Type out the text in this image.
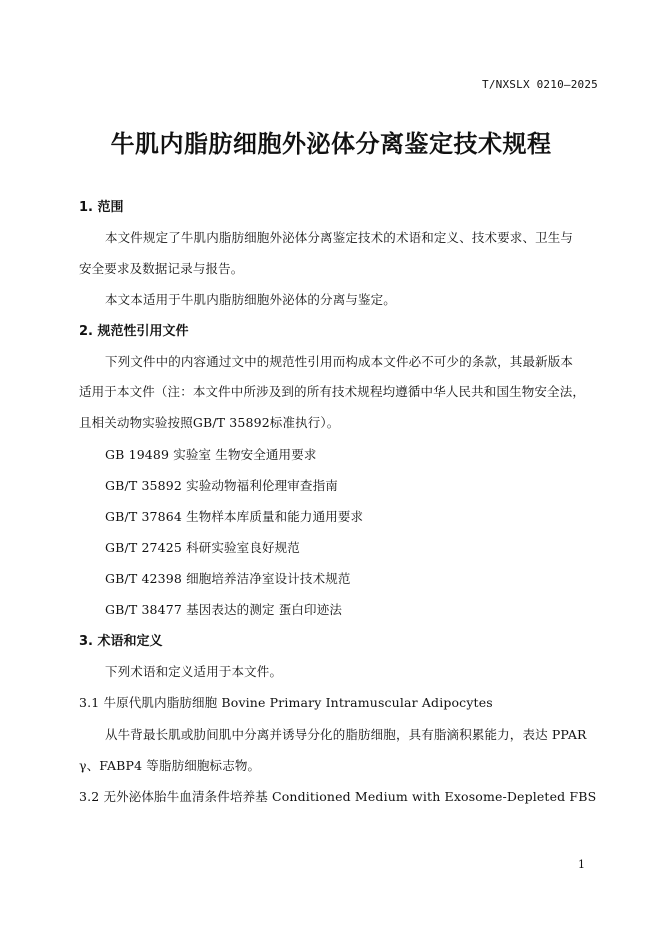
T/NXSLX 0210—2025
牛肌内脂肪细胞外泌体分离鉴定技术规程
1. 范围
本文件规定了牛肌内脂肪细胞外泌体分离鉴定技术的术语和定义、技术要求、卫生与
安全要求及数据记录与报告。
本文本适用于牛肌内脂肪细胞外泌体的分离与鉴定。
2. 规范性引用文件
下列文件中的内容通过文中的规范性引用而构成本文件必不可少的条款，其最新版本
适用于本文件（注：本文件中所涉及到的所有技术规程均遵循中华人民共和国生物安全法，
且相关动物实验按照GB/T 35892标准执行）。
GB 19489 实验室 生物安全通用要求
GB/T 35892 实验动物福利伦理审查指南
GB/T 37864 生物样本库质量和能力通用要求
GB/T 27425 科研实验室良好规范
GB/T 42398 细胞培养洁净室设计技术规范
GB/T 38477 基因表达的测定 蛋白印迹法
3. 术语和定义
下列术语和定义适用于本文件。
3.1 牛原代肌内脂肪细胞 Bovine Primary Intramuscular Adipocytes
从牛背最长肌或肋间肌中分离并诱导分化的脂肪细胞，具有脂滴积累能力，表达 PPAR
γ、FABP4 等脂肪细胞标志物。
3.2 无外泌体胎牛血清条件培养基 Conditioned Medium with Exosome-Depleted FBS
1
